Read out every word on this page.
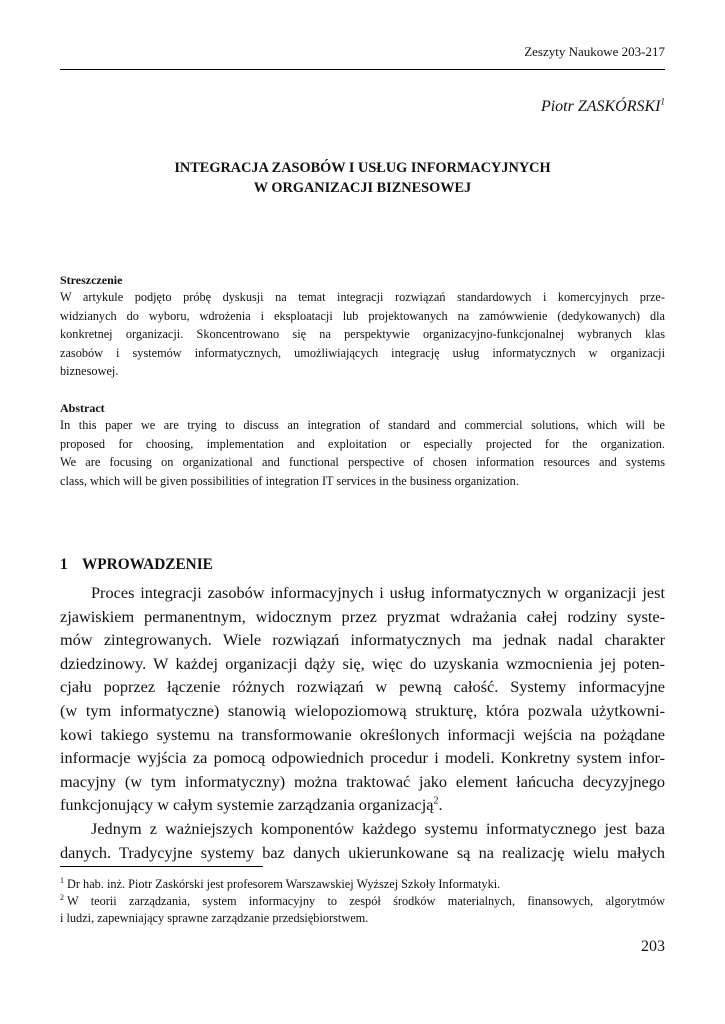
Zeszyty Naukowe 203-217
Piotr ZASKÓRSKI$^1$
INTEGRACJA ZASOBÓW I USŁUG INFORMACYJNYCH
W ORGANIZACJI BIZNESOWEJ
Streszczenie
W artykule podjęto próbę dyskusji na temat integracji rozwiązań standardowych i komercyjnych prze-
widzianych do wyboru, wdrożenia i eksploatacji lub projektowanych na zamówwienie (dedykowanych) dla
konkretnej organizacji. Skoncentrowano się na perspektywie organizacyjno-funkcjonalnej wybranych klas
zasobów i systemów informatycznych, umożliwiających integrację usług informatycznych w organizacji
biznesowej.
Abstract
In this paper we are trying to discuss an integration of standard and commercial solutions, which will be
proposed for choosing, implementation and exploitation or especially projected for the organization.
We are focusing on organizational and functional perspective of chosen information resources and systems
class, which will be given possibilities of integration IT services in the business organization.
1 WPROWADZENIE
Proces integracji zasobów informacyjnych i usług informatycznych w organizacji jest
zjawiskiem permanentnym, widocznym przez pryzmat wdrażania całej rodziny syste-
mów zintegrowanych. Wiele rozwiązań informatycznych ma jednak nadal charakter
dziedzinowy. W każdej organizacji dąży się, więc do uzyskania wzmocnienia jej poten-
cjału poprzez łączenie różnych rozwiązań w pewną całość. Systemy informacyjne
(w tym informatyczne) stanowią wielopoziomową strukturę, która pozwala użytkowni-
kowi takiego systemu na transformowanie określonych informacji wejścia na pożądane
informacje wyjścia za pomocą odpowiednich procedur i modeli. Konkretny system infor-
macyjny (w tym informatyczny) można traktować jako element łańcucha decyzyjnego
funkcjonujący w całym systemie zarządzania organizacją$^2$.
Jednym z ważniejszych komponentów każdego systemu informatycznego jest baza
danych. Tradycyjne systemy baz danych ukierunkowane są na realizację wielu małych
$^1$ Dr hab. inż. Piotr Zaskórski jest profesorem Warszawskiej Wyższej Szkoły Informatyki.
$^2$ W teorii zarządzania, system informacyjny to zespół środków materialnych, finansowych, algorytmów
i ludzi, zapewniający sprawne zarządzanie przedsiębiorstwem.
203
